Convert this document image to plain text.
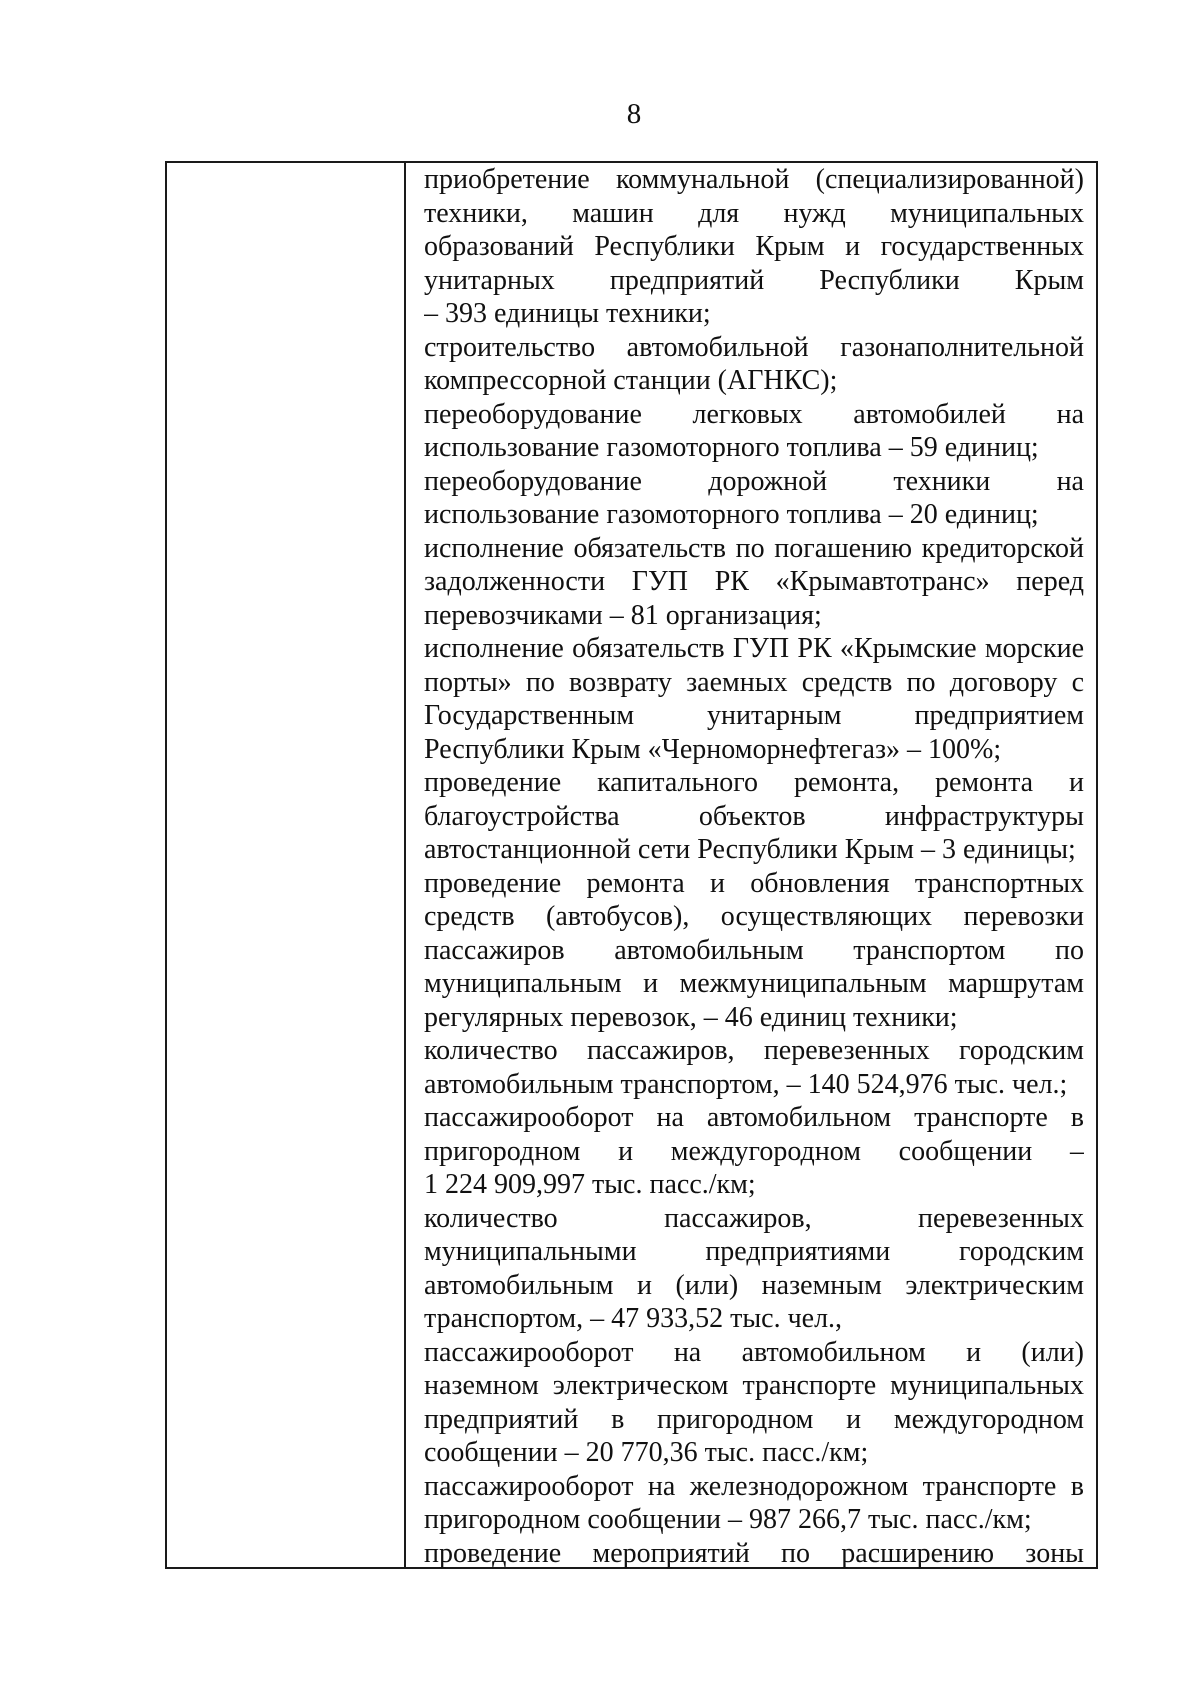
8
приобретение коммунальной (специализированной)
техники, машин для нужд муниципальных
образований Республики Крым и государственных
унитарных предприятий Республики Крым
– 393 единицы техники;
строительство автомобильной газонаполнительной
компрессорной станции (АГНКС);
переоборудование легковых автомобилей на
использование газомоторного топлива – 59 единиц;
переоборудование дорожной техники на
использование газомоторного топлива – 20 единиц;
исполнение обязательств по погашению кредиторской
задолженности ГУП РК «Крымавтотранс» перед
перевозчиками – 81 организация;
исполнение обязательств ГУП РК «Крымские морские
порты» по возврату заемных средств по договору с
Государственным унитарным предприятием
Республики Крым «Черноморнефтегаз» – 100%;
проведение капитального ремонта, ремонта и
благоустройства объектов инфраструктуры
автостанционной сети Республики Крым – 3 единицы;
проведение ремонта и обновления транспортных
средств (автобусов), осуществляющих перевозки
пассажиров автомобильным транспортом по
муниципальным и межмуниципальным маршрутам
регулярных перевозок, – 46 единиц техники;
количество пассажиров, перевезенных городским
автомобильным транспортом, – 140 524,976 тыс. чел.;
пассажирооборот на автомобильном транспорте в
пригородном и междугородном сообщении –
1 224 909,997 тыс. пасс./км;
количество пассажиров, перевезенных
муниципальными предприятиями городским
автомобильным и (или) наземным электрическим
транспортом, – 47 933,52 тыс. чел.,
пассажирооборот на автомобильном и (или)
наземном электрическом транспорте муниципальных
предприятий в пригородном и междугородном
сообщении – 20 770,36 тыс. пасс./км;
пассажирооборот на железнодорожном транспорте в
пригородном сообщении – 987 266,7 тыс. пасс./км;
проведение мероприятий по расширению зоны
